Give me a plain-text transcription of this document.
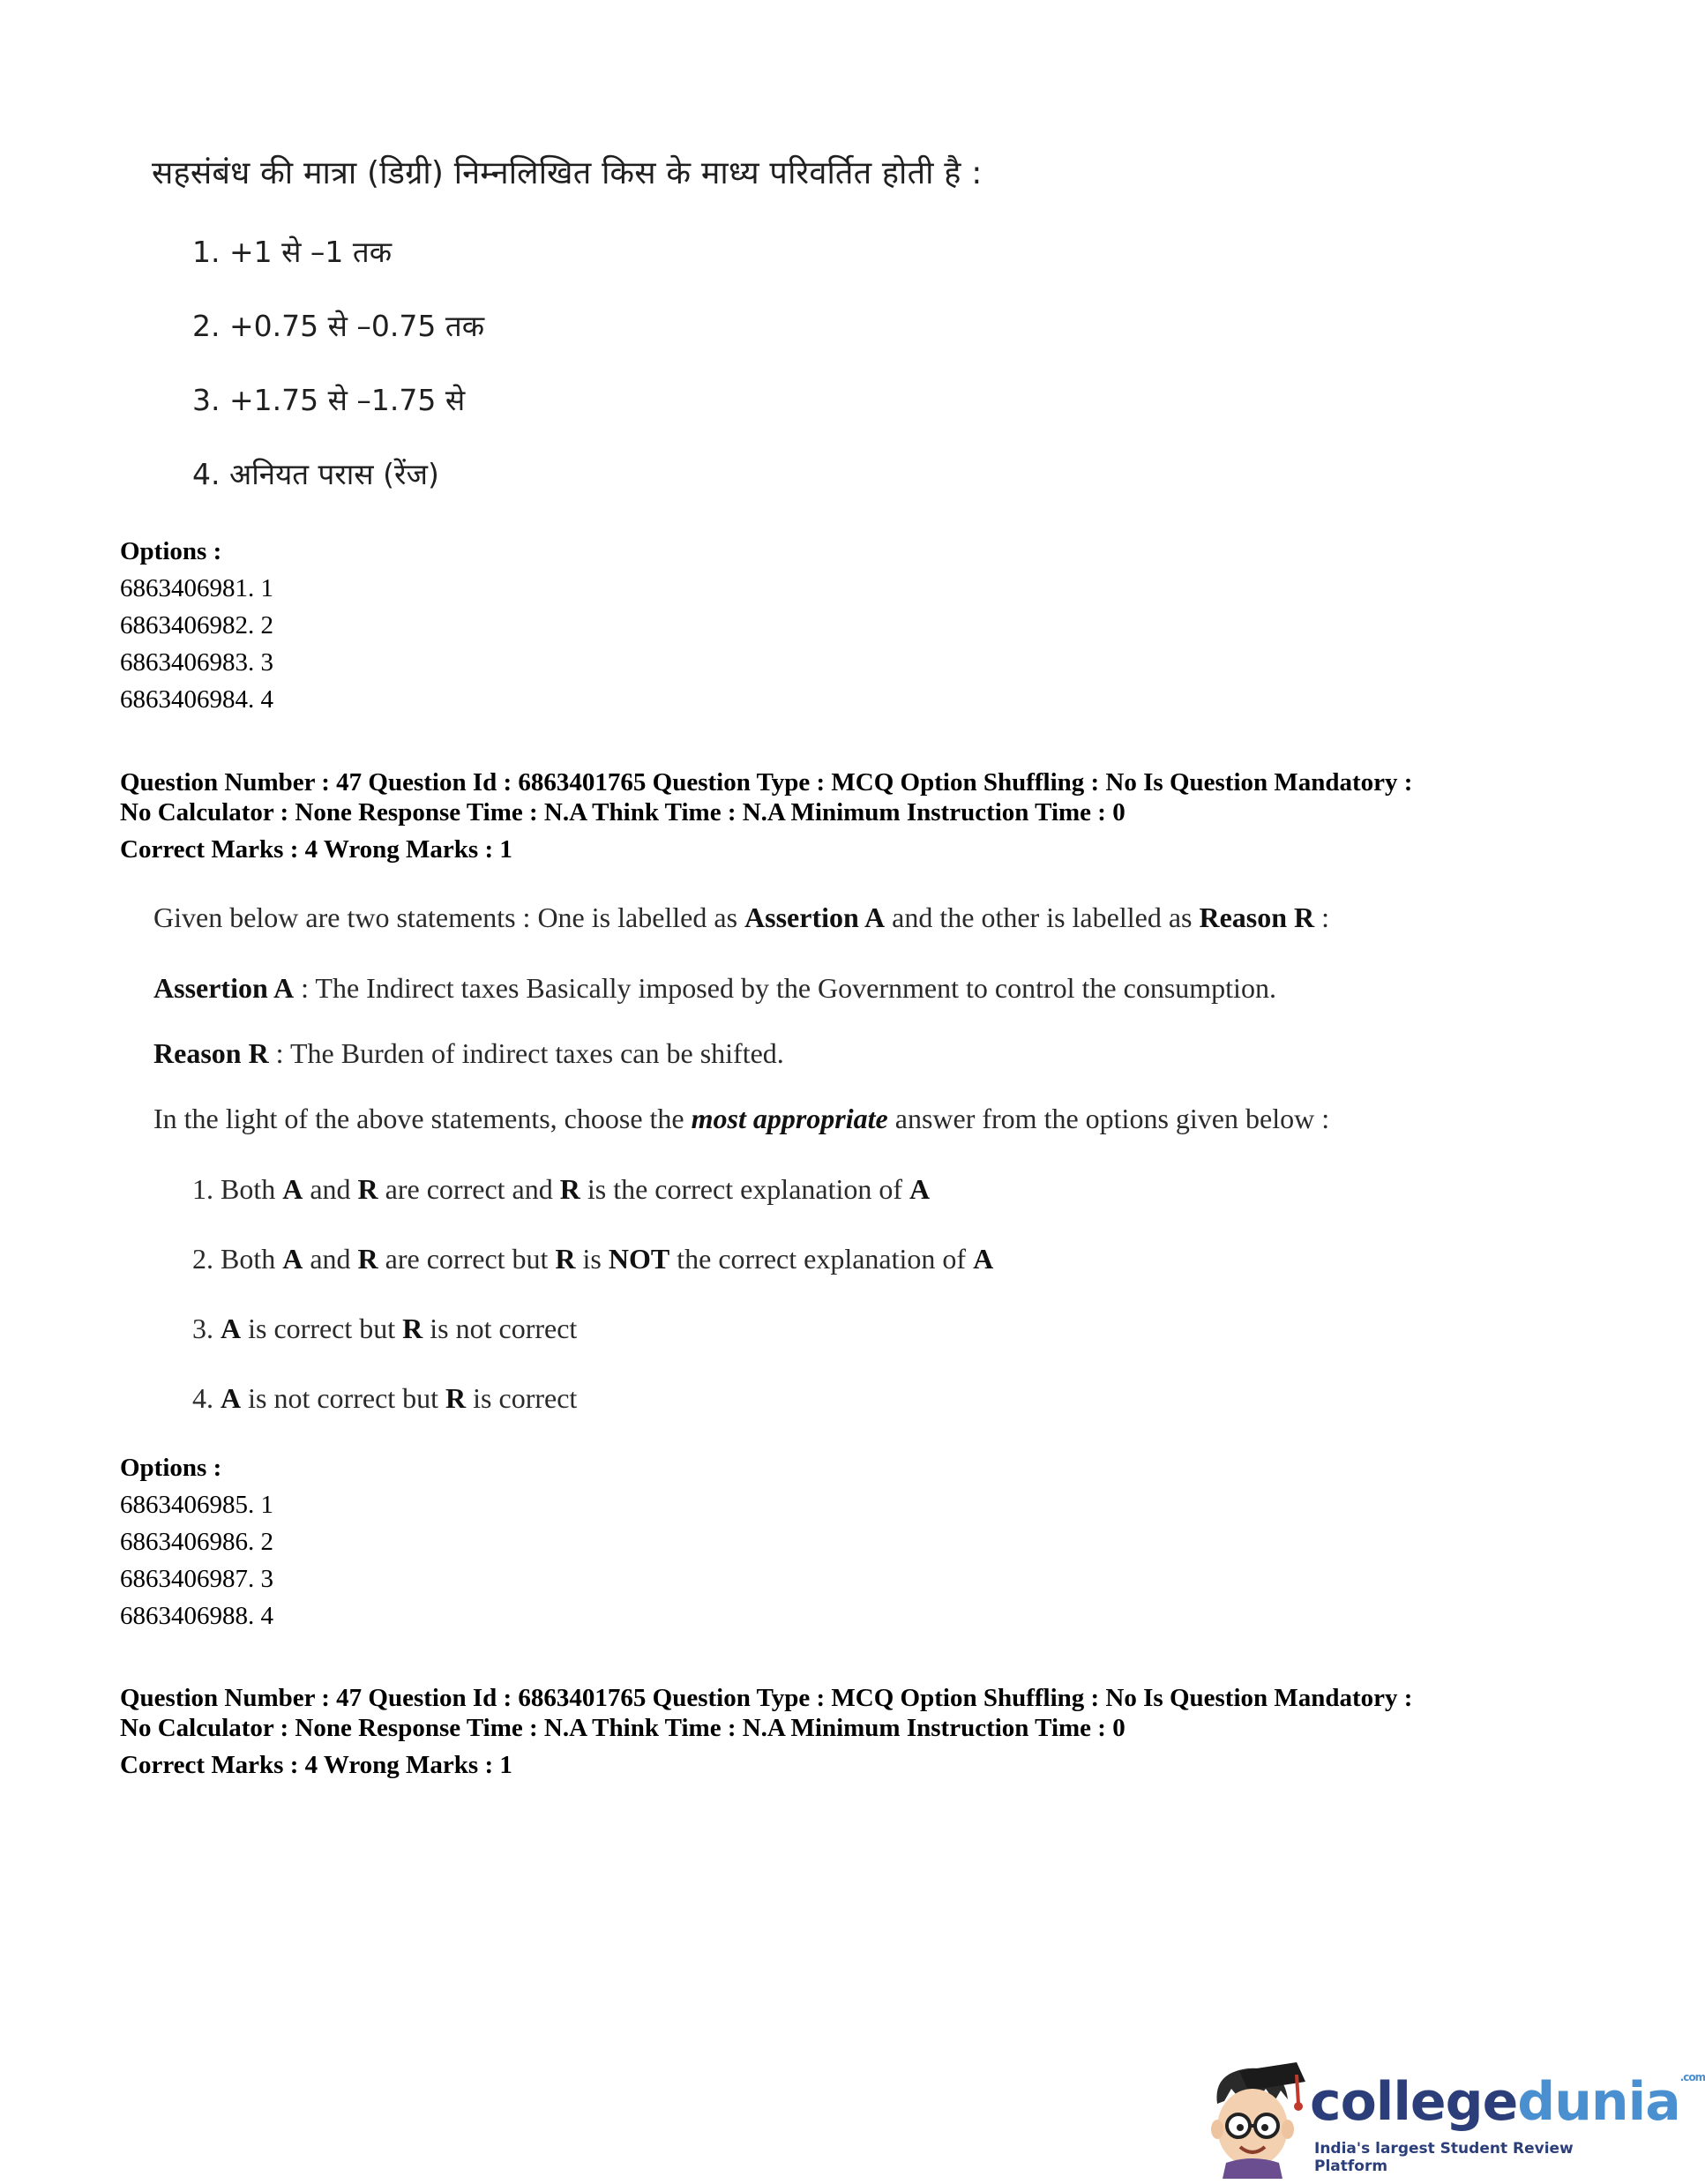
सहसंबंध की मात्रा (डिग्री) निम्नलिखित किस के माध्य परिवर्तित होती है :
1. +1 से –1 तक
2. +0.75 से –0.75 तक
3. +1.75 से –1.75 से
4. अनियत परास (रेंज)
Options :
6863406981. 1
6863406982. 2
6863406983. 3
6863406984. 4
Question Number : 47 Question Id : 6863401765 Question Type : MCQ Option Shuffling : No Is Question Mandatory :
No Calculator : None Response Time : N.A Think Time : N.A Minimum Instruction Time : 0
Correct Marks : 4 Wrong Marks : 1
Given below are two statements : One is labelled as Assertion A and the other is labelled as Reason R :
Assertion A : The Indirect taxes Basically imposed by the Government to control the consumption.
Reason R : The Burden of indirect taxes can be shifted.
In the light of the above statements, choose the most appropriate answer from the options given below :
1. Both A and R are correct and R is the correct explanation of A
2. Both A and R are correct but R is NOT the correct explanation of A
3. A is correct but R is not correct
4. A is not correct but R is correct
Options :
6863406985. 1
6863406986. 2
6863406987. 3
6863406988. 4
Question Number : 47 Question Id : 6863401765 Question Type : MCQ Option Shuffling : No Is Question Mandatory :
No Calculator : None Response Time : N.A Think Time : N.A Minimum Instruction Time : 0
Correct Marks : 4 Wrong Marks : 1
collegedunia$^{.com}$
India's largest Student Review Platform
